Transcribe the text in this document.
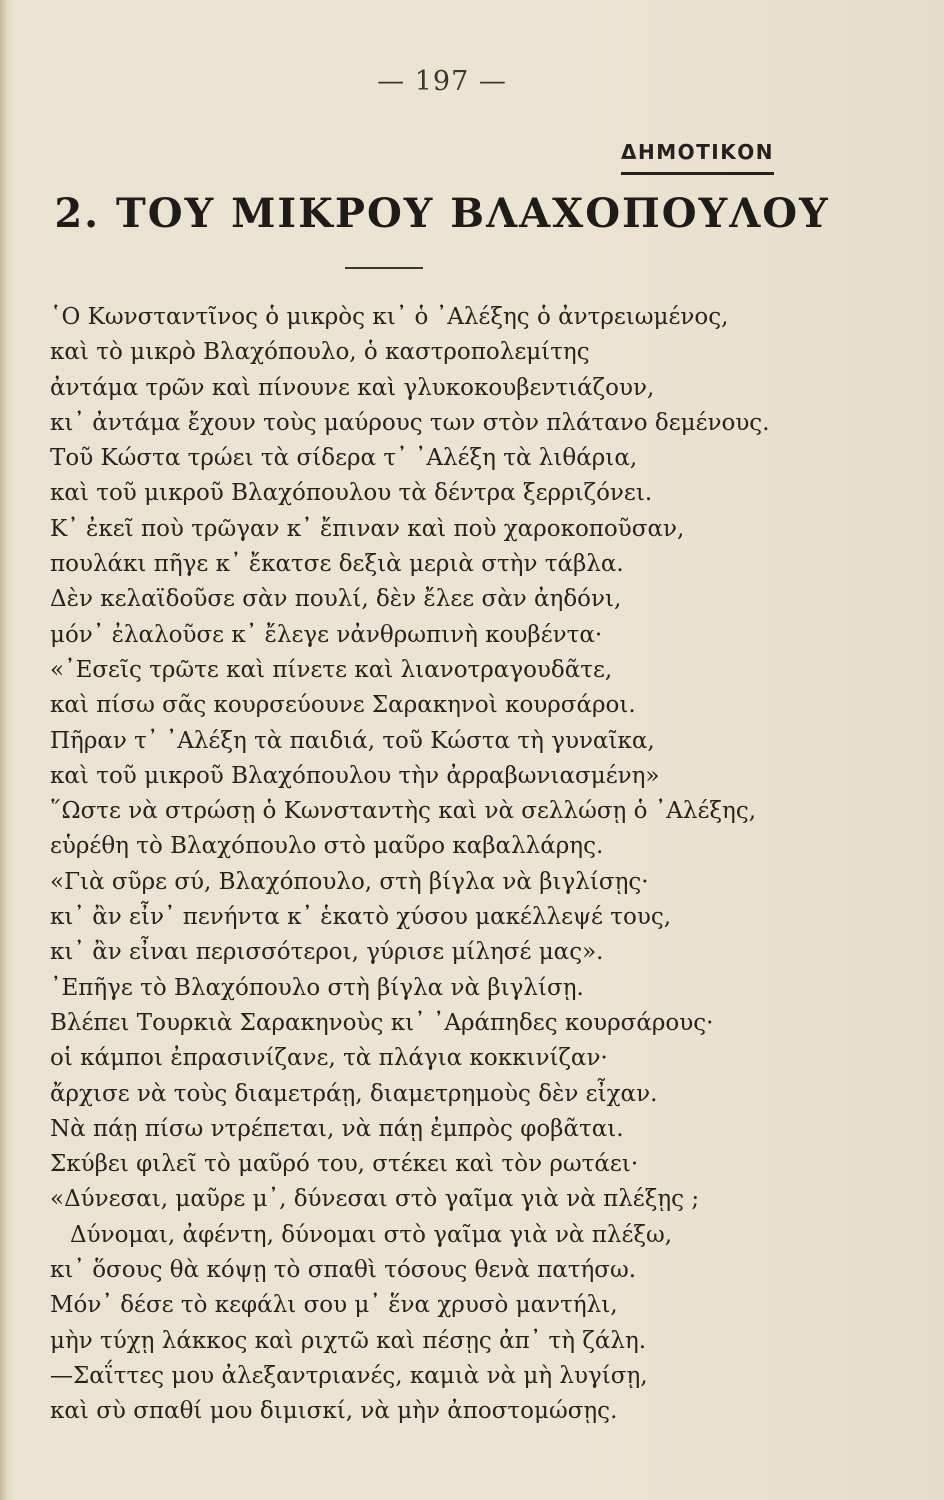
— 197 —
ΔΗΜΟΤΙΚΟΝ
2. ΤΟΥ ΜΙΚΡΟΥ ΒΛΑΧΟΠΟΥΛΟΥ
῾Ο Κωνσταντῖνος ὁ μικρὸς κι᾿ ὁ ᾿Αλέξης ὁ ἀντρειωμένος,
καὶ τὸ μικρὸ Βλαχόπουλο, ὁ καστροπολεμίτης
ἀντάμα τρῶν καὶ πίνουνε καὶ γλυκοκουβεντιάζουν,
κι᾿ ἀντάμα ἔχουν τοὺς μαύρους των στὸν πλάτανο δεμένους.
Τοῦ Κώστα τρώει τὰ σίδερα τ᾿ ᾿Αλέξη τὰ λιθάρια,
καὶ τοῦ μικροῦ Βλαχόπουλου τὰ δέντρα ξερριζόνει.
Κ᾿ ἐκεῖ ποὺ τρῶγαν κ᾿ ἔπιναν καὶ ποὺ χαροκοποῦσαν,
πουλάκι πῆγε κ᾿ ἔκατσε δεξιὰ μεριὰ στὴν τάβλα.
Δὲν κελαϊδοῦσε σὰν πουλί, δὲν ἔλεε σὰν ἀηδόνι,
μόν᾿ ἐλαλοῦσε κ᾿ ἔλεγε νἀνθρωπινὴ κουβέντα·
«᾿Εσεῖς τρῶτε καὶ πίνετε καὶ λιανοτραγουδᾶτε,
καὶ πίσω σᾶς κουρσεύουνε Σαρακηνοὶ κουρσάροι.
Πῆραν τ᾿ ᾿Αλέξη τὰ παιδιά, τοῦ Κώστα τὴ γυναῖκα,
καὶ τοῦ μικροῦ Βλαχόπουλου τὴν ἀρραβωνιασμένη»
῞Ωστε νὰ στρώσῃ ὁ Κωνσταντὴς καὶ νὰ σελλώσῃ ὁ ᾿Αλέξης,
εὑρέθη τὸ Βλαχόπουλο στὸ μαῦρο καβαλλάρης.
«Γιὰ σῦρε σύ, Βλαχόπουλο, στὴ βίγλα νὰ βιγλίσῃς·
κι᾿ ἂν εἶν᾿ πενήντα κ᾿ ἑκατὸ χύσου μακέλλεψέ τους,
κι᾿ ἂν εἶναι περισσότεροι, γύρισε μίλησέ μας».
᾿Επῆγε τὸ Βλαχόπουλο στὴ βίγλα νὰ βιγλίσῃ.
Βλέπει Τουρκιὰ Σαρακηνοὺς κι᾿ ᾿Αράπηδες κουρσάρους·
οἱ κάμποι ἐπρασινίζανε, τὰ πλάγια κοκκινίζαν·
ἄρχισε νὰ τοὺς διαμετράῃ, διαμετρημοὺς δὲν εἶχαν.
Νὰ πάῃ πίσω ντρέπεται, νὰ πάῃ ἐμπρὸς φοβᾶται.
Σκύβει φιλεῖ τὸ μαῦρό του, στέκει καὶ τὸν ρωτάει·
«Δύνεσαι, μαῦρε μ᾿, δύνεσαι στὸ γαῖμα γιὰ νὰ πλέξῃς ;
Δύνομαι, ἀφέντη, δύνομαι στὸ γαῖμα γιὰ νὰ πλέξω,
κι᾿ ὅσους θὰ κόψῃ τὸ σπαθὶ τόσους θενὰ πατήσω.
Μόν᾿ δέσε τὸ κεφάλι σου μ᾿ ἕνα χρυσὸ μαντήλι,
μὴν τύχῃ λάκκος καὶ ριχτῶ καὶ πέσῃς ἀπ᾿ τὴ ζάλη.
—Σαΐττες μου ἀλεξαντριανές, καμιὰ νὰ μὴ λυγίσῃ,
καὶ σὺ σπαθί μου διμισκί, νὰ μὴν ἀποστομώσῃς.
